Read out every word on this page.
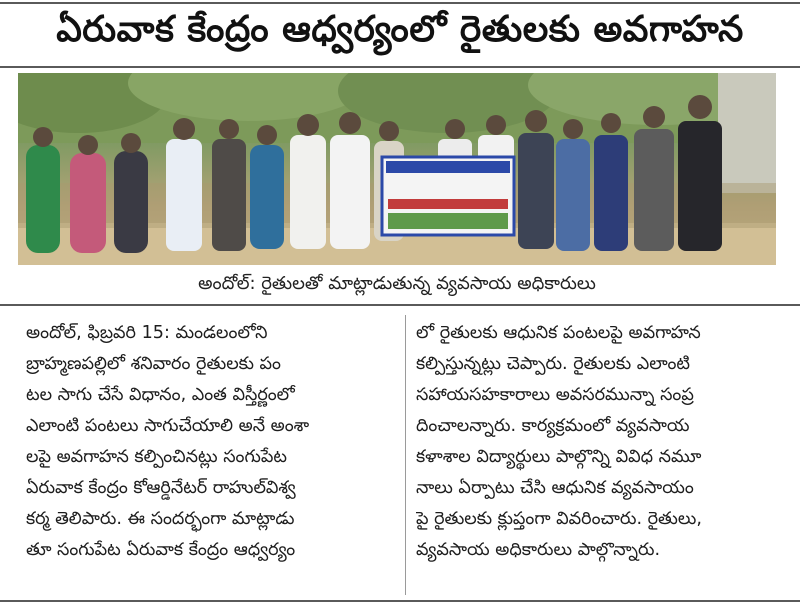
ఏరువాక కేంద్రం ఆధ్వర్యంలో రైతులకు అవగాహన
అందోల్: రైతులతో మాట్లాడుతున్న వ్యవసాయ అధికారులు
అందోల్, ఫిబ్రవరి 15: మండలంలోని
బ్రాహ్మణపల్లిలో శనివారం రైతులకు పం
టల సాగు చేసే విధానం, ఎంత విస్తీర్ణంలో
ఎలాంటి పంటలు సాగుచేయాలి అనే అంశా
లపై అవగాహన కల్పించినట్లు సంగుపేట
ఏరువాక కేంద్రం కోఆర్డినేటర్ రాహుల్‌విశ్వ
కర్మ తెలిపారు. ఈ సందర్భంగా మాట్లాడు
తూ సంగుపేట ఏరువాక కేంద్రం ఆధ్వర్యం
లో రైతులకు ఆధునిక పంటలపై అవగాహన
కల్పిస్తున్నట్లు చెప్పారు. రైతులకు ఎలాంటి
సహాయసహకారాలు అవసరమున్నా సంప్ర
దించాలన్నారు. కార్యక్రమంలో వ్యవసాయ
కళాశాల విద్యార్థులు పాల్గొన్ని వివిధ నమూ
నాలు ఏర్పాటు చేసి ఆధునిక వ్యవసాయం
పై రైతులకు క్లుప్తంగా వివరించారు. రైతులు,
వ్యవసాయ అధికారులు పాల్గొన్నారు.
